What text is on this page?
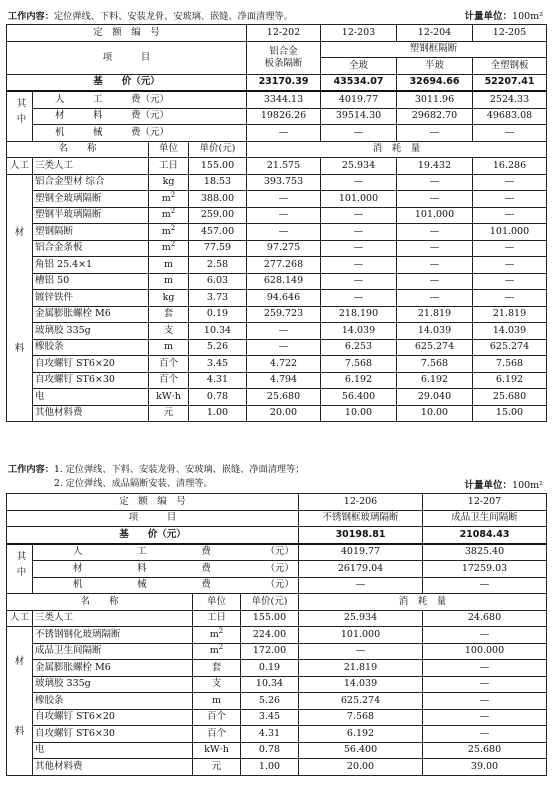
工作内容：定位弹线、下料、安装龙骨、安玻璃、嵌缝、净面清理等。	计量单位：100m²
定　额　编　号				12-202	12-203	12-204	12-205
项　　　目				铝合金
板条隔断	塑钢框隔断		
					全玻	半玻	全塑钢板
基　　价（元）				23170.39	43534.07	32694.66	52207.41
其中	人　　　工　　　费（元）			3344.13	4019.77	3011.96	2524.33
	材　　　料　　　费（元）			19826.26	39514.30	29682.70	49683.08
	机　　　械　　　费（元）			—	—	—	—
名　　称		单位	单价(元)	消　耗　量			
人工	三类人工	工日	155.00	21.575	25.934	19.432	16.286

材
料	铝合金型材 综合	kg	18.53	393.753	—	—	—
	塑钢全玻璃隔断	$m^2$	388.00	—	101.000	—	—
	塑钢半玻璃隔断	$m^2$	259.00	—	—	101.000	—
	塑钢隔断	$m^2$	457.00	—	—	—	101.000
	铝合金条板	$m^2$	77.59	97.275	—	—	—
	角铝 25.4×1	m	2.58	277.268	—	—	—
	槽铝 50	m	6.03	628.149	—	—	—
	镀锌铁件	kg	3.73	94.646	—	—	—
	金属膨胀螺栓 M6	套	0.19	259.723	218.190	21.819	21.819
	玻璃胶 335g	支	10.34	—	14.039	14.039	14.039
	橡胶条	m	5.26	—	6.253	625.274	625.274
	自攻螺钉 ST6×20	百个	3.45	4.722	7.568	7.568	7.568
	自攻螺钉 ST6×30	百个	4.31	4.794	6.192	6.192	6.192
	电	kW·h	0.78	25.680	56.400	29.040	25.680
	其他材料费	元	1.00	20.00	10.00	10.00	15.00
工作内容：1. 定位弹线、下料、安装龙骨、安玻璃、嵌缝、净面清理等；
2. 定位弹线、成品隔断安装、清理等。	计量单位：100m²
定　额　编　号				12-206	12-207
项　　　目				不锈钢框玻璃隔断	成品卫生间隔断
基　　价（元）				30198.81	21084.43
其中	人 工 费 （元）			4019.77	3825.40

	材 料 费 （元）			26179.04	17259.03

	机 械 费 （元）			—	—
名　　称		单位	单价(元)	消　耗　量	
人工	三类人工	工日	155.00	25.934	24.680

材
料	不锈钢钢化玻璃隔断	$m^2$	224.00	101.000	—
	成品卫生间隔断	$m^2$	172.00	—	100.000
	金属膨胀螺栓 M6	套	0.19	21.819	—
	玻璃胶 335g	支	10.34	14.039	—
	橡胶条	m	5.26	625.274	—
	自攻螺钉 ST6×20	百个	3.45	7.568	—
	自攻螺钉 ST6×30	百个	4.31	6.192	—
	电	kW·h	0.78	56.400	25.680
	其他材料费	元	1.00	20.00	39.00
